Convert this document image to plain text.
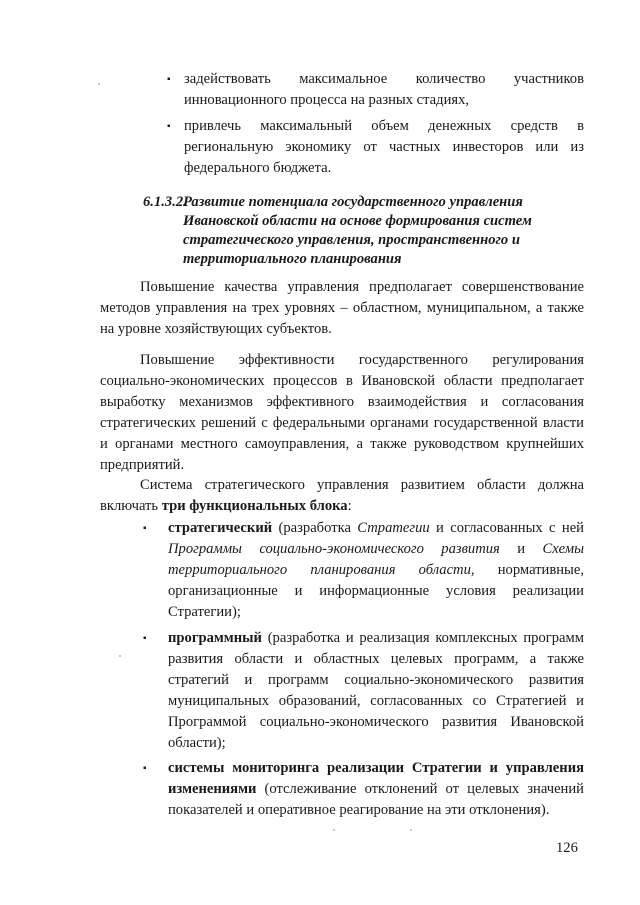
▪ задействовать максимальное количество участников инновационного процесса на разных стадиях,

▪ привлечь максимальный объем денежных средств в региональную экономику от частных инвесторов или из федерального бюджета.

6.1.3.2.Развитие потенциала государственного управления
Ивановской области на основе формирования систем стратегического управления, пространственного и территориального планирования

Повышение качества управления предполагает совершенствование методов управления на трех уровнях – областном, муниципальном, а также на уровне хозяйствующих субъектов.

Повышение эффективности государственного регулирования социально-экономических процессов в Ивановской области предполагает выработку механизмов эффективного взаимодействия и согласования стратегических решений с федеральными органами государственной власти и органами местного самоуправления, а также руководством крупнейших предприятий.

Система стратегического управления развитием области должна включать три функциональных блока:

▪ стратегический (разработка Стратегии и согласованных с ней Программы социально-экономического развития и Схемы территориального планирования области, нормативные, организационные и информационные условия реализации Стратегии);

▪ программный (разработка и реализация комплексных программ развития области и областных целевых программ, а также стратегий и программ социально-экономического развития муниципальных образований, согласованных со Стратегией и Программой социально-экономического развития Ивановской области);

▪ системы мониторинга реализации Стратегии и управления изменениями (отслеживание отклонений от целевых значений показателей и оперативное реагирование на эти отклонения).

126
